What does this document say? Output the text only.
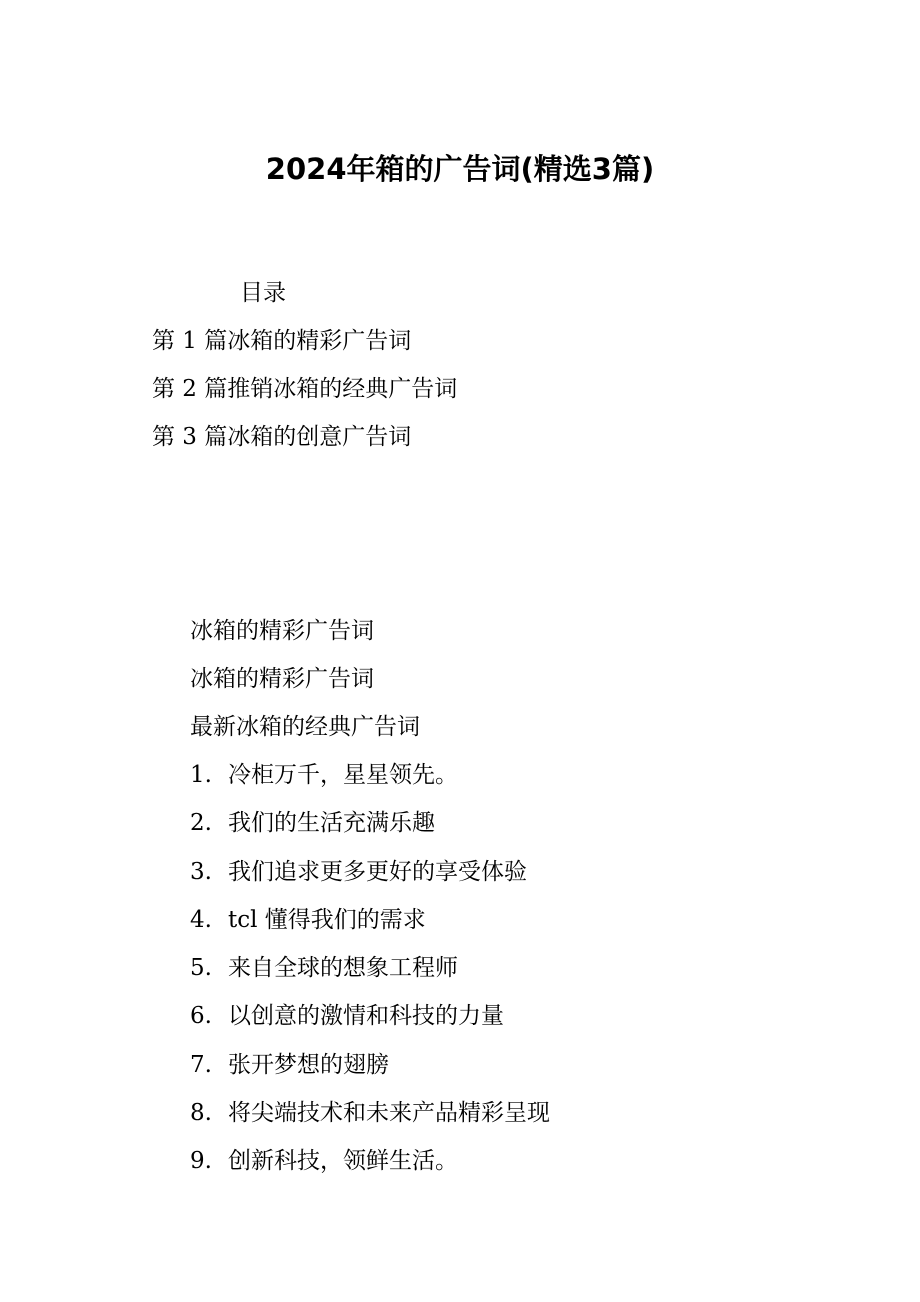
2024年箱的广告词(精选3篇)
目录
第 1 篇冰箱的精彩广告词
第 2 篇推销冰箱的经典广告词
第 3 篇冰箱的创意广告词
冰箱的精彩广告词
冰箱的精彩广告词
最新冰箱的经典广告词
1. 冷柜万千，星星领先。
2. 我们的生活充满乐趣
3. 我们追求更多更好的享受体验
4. tcl 懂得我们的需求
5. 来自全球的想象工程师
6. 以创意的激情和科技的力量
7. 张开梦想的翅膀
8. 将尖端技术和未来产品精彩呈现
9. 创新科技，领鲜生活。
